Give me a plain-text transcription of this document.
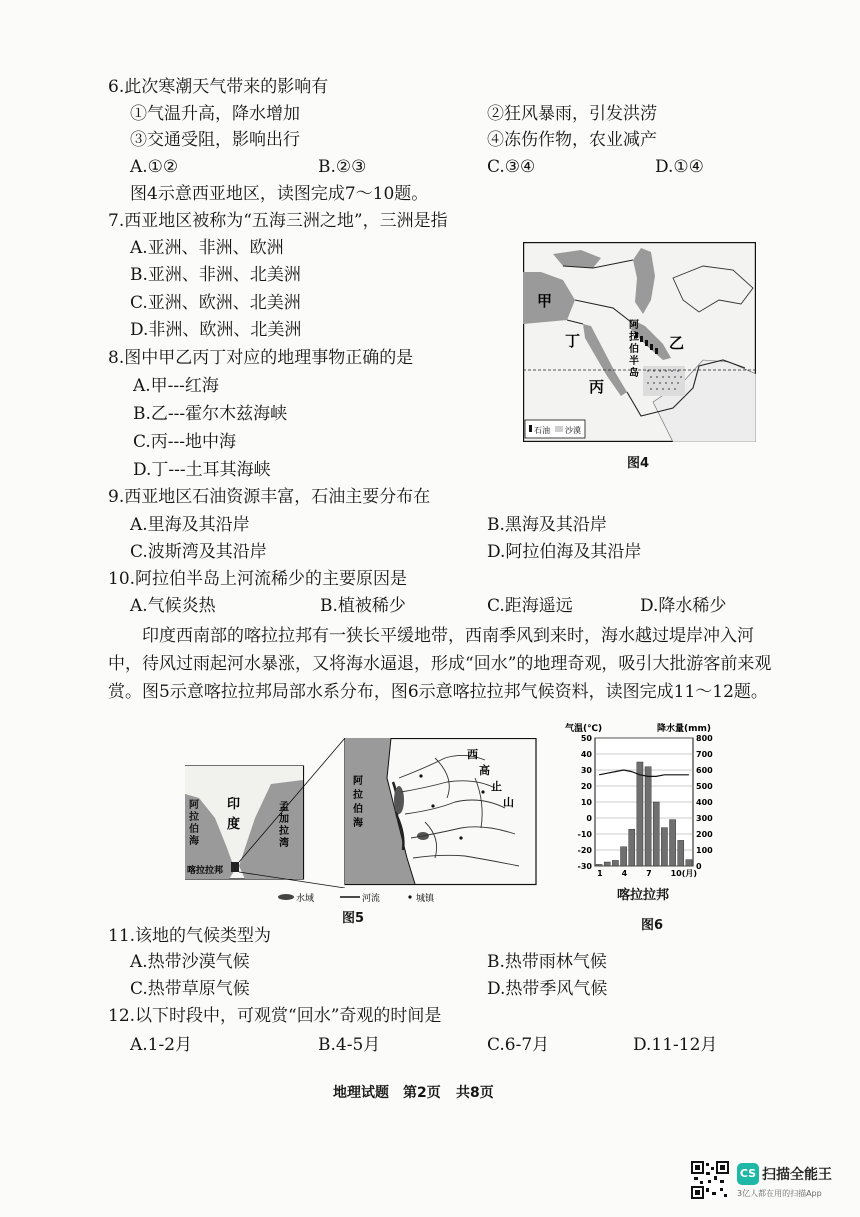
6.此次寒潮天气带来的影响有
①气温升高，降水增加	②狂风暴雨，引发洪涝
③交通受阻，影响出行	④冻伤作物，农业减产
A.①②	B.②③	C.③④	D.①④
图4示意西亚地区，读图完成7～10题。
7.西亚地区被称为“五海三洲之地”，三洲是指
A.亚洲、非洲、欧洲
B.亚洲、非洲、北美洲
C.亚洲、欧洲、北美洲
D.非洲、欧洲、北美洲
8.图中甲乙丙丁对应的地理事物正确的是
A.甲---红海
B.乙---霍尔木兹海峡
C.丙---地中海
D.丁---土耳其海峡
9.西亚地区石油资源丰富，石油主要分布在
A.里海及其沿岸	B.黑海及其沿岸
C.波斯湾及其沿岸	D.阿拉伯海及其沿岸
10.阿拉伯半岛上河流稀少的主要原因是
A.气候炎热	B.植被稀少	C.距海遥远	D.降水稀少
印度西南部的喀拉拉邦有一狭长平缓地带，西南季风到来时，海水越过堤岸冲入河中，待风过雨起河水暴涨，又将海水逼退，形成“回水”的地理奇观，吸引大批游客前来观赏。图5示意喀拉拉邦局部水系分布，图6示意喀拉拉邦气候资料，读图完成11～12题。
11.该地的气候类型为
A.热带沙漠气候	B.热带雨林气候
C.热带草原气候	D.热带季风气候
12.以下时段中，可观赏“回水”奇观的时间是
A.1-2月	B.4-5月	C.6-7月	D.11-12月
甲
丁	乙
丙
阿拉伯半岛
石油 沙漠
图4
阿拉伯海
印
度
孟加拉湾
喀拉拉邦
阿拉伯海
西高止山
水域	河流	城镇
图5
气温(℃)	降水量(mm)
50
40
30
20
10
0
-10
-20
-30
800
700
600
500
400
300
200
100
0
1 4 7 10(月)
喀拉拉邦
图6
地理试题 第2页 共8页
CS 扫描全能王
3亿人都在用的扫描App
